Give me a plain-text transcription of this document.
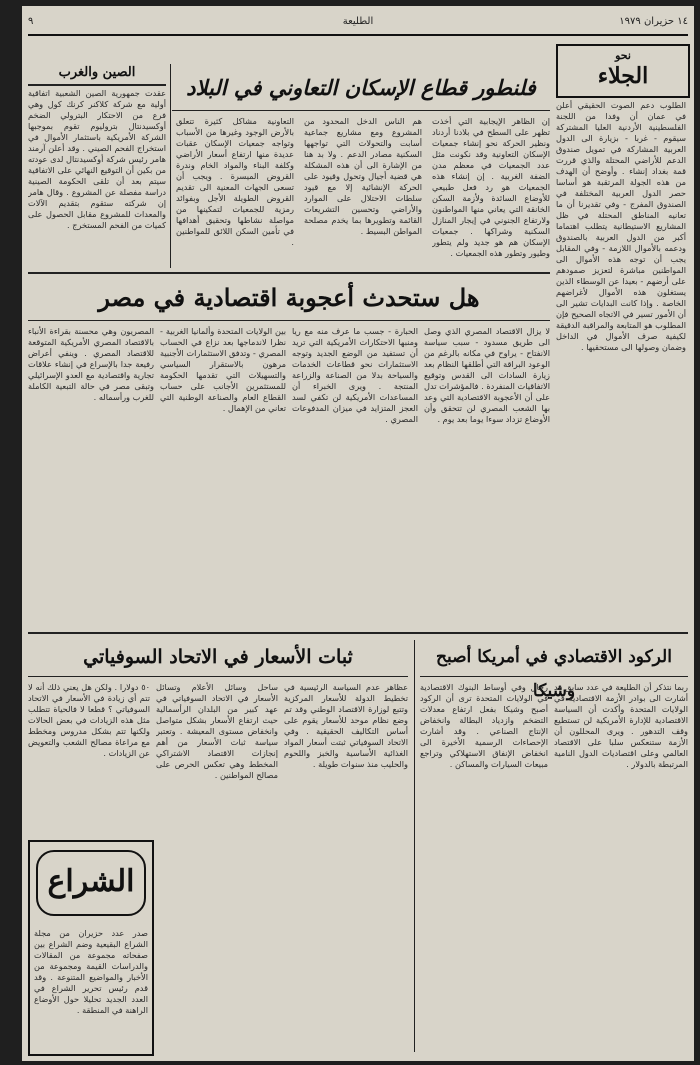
١٤ حزيران ١٩٧٩
الطليعة
٩
نحو
الجلاء
الطلوب دعم الصوت الحقيقي أعلن في عمان أن وفدا من اللجنة الفلسطينية الأردنية العليا المشتركة سيقوم - غربا - بزيارة الى الدول العربية المشاركة في تمويل صندوق الدعم للأراضي المحتلة والذي قررت قمة بغداد إنشاء . وأوضح أن الهدف من هذه الجولة المرتقبة هو أساسا حصر الدول العربية المختلفة في الصندوق المفرج - وفي تقديرنا أن ما تعانيه المناطق المحتلة في ظل المشاريع الاستيطانية يتطلب اهتماما أكبر من الدول العربية بالصندوق ودعمه بالأموال اللازمة - وفي المقابل يجب أن توجه هذه الأموال الى المواطنين مباشرة لتعزيز صمودهم على أرضهم - بعيدا عن الوسطاء الذين يستغلون هذه الأموال لأغراضهم الخاصة . وإذا كانت البدايات تشير الى أن الأمور تسير في الاتجاه الصحيح فإن المطلوب هو المتابعة والمراقبة الدقيقة لكيفية صرف الأموال في الداخل وضمان وصولها الى مستحقيها .
فلنطور قطاع الإسكان التعاوني في البلاد
إن الظاهر الإيجابية التي أخذت تظهر على السطح في بلادنا أردناد ونظير الحركة نحو إنشاء جمعيات الإسكان التعاونية وقد نكونت مثل عدد الجمعيات في معظم مدن الضفة الغربية . إن إنشاء هذه الجمعيات هو رد فعل طبيعي للأوضاع السائدة ولأزمة السكن الخانقة التي يعاني منها المواطنون ولارتفاع الجنوني في إيجار المنازل السكنية وشراكها . جمعيات الإسكان هم هو جديد ولم يتطور وطيور وتطور هذه الجمعيات .
هم الناس الدخل المحدود من المشروع ومع مشاريع جماعية أسابت والتحولات التي تواجهها السكنية مصادر الدعم . ولا بد هنا من الإشارة الى أن هذه المشكلة هي قضية أجيال وتحول وقيود على الحركة الإنشائية إلا مع قيود سلطات الاحتلال على الموارد والأراضي وتحسين التشريعات القائمة وتطويرها بما يخدم مصلحة المواطن البسيط .
التعاونية مشاكل كثيرة تتعلق بالأرض الوجود وغيرها من الأسباب وتواجه جمعيات الإسكان عقبات عديدة منها ارتفاع أسعار الأراضي وكلفة البناء والمواد الخام وندرة القروض الميسرة . ويجب أن تسعى الجهات المعنية الى تقديم القروض الطويلة الأجل وبفوائد رمزية للجمعيات لتمكينها من مواصلة نشاطها وتحقيق أهدافها في تأمين السكن اللائق للمواطنين .
الصين والغرب
عقدت جمهورية الصين الشعبية اتفاقية أولية مع شركة كلاكنر كرنك كول وهي فرع من الاحتكار البترولي الضخم أوكسيدنتال بتروليوم تقوم بموجبها الشركة الأمريكية باستثمار الأموال في استخراج الفحم الصيني . وقد أعلن آرمند هامر رئيس شركة أوكسيدنتال لدى عودته من بكين أن التوقيع النهائي على الاتفاقية سيتم بعد أن تلقى الحكومة الصينية دراسة مفصلة عن المشروع . وقال هامر إن شركته ستقوم بتقديم الآلات والمعدات للمشروع مقابل الحصول على كميات من الفحم المستخرج .
هل ستحدث أعجوبة اقتصادية في مصر
لا يزال الاقتصاد المصري الذي وصل الى طريق مسدود - سبب سياسة الانفتاح - يراوح في مكانه بالرغم من الوعود البراقة التي أطلقها النظام بعد زيارة السادات الى القدس وتوقيع الاتفاقيات المنفردة . فالمؤشرات تدل على أن الأعجوبة الاقتصادية التي وعد بها الشعب المصري لن تتحقق وأن الأوضاع تزداد سوءا يوما بعد يوم .
الحبارة - جسب ما عرف منه مع ريا ومنبها الاحتكارات الأمريكية التي تريد أن تستفيد من الوضع الجديد وتوجه الاستثمارات نحو قطاعات الخدمات والسياحة بدلا من الصناعة والزراعة المنتجة . ويرى الخبراء أن المساعدات الأمريكية لن تكفي لسد العجز المتزايد في ميزان المدفوعات المصري .
بين الولايات المتحدة وألمانيا الغربية - نظرا لاندماجها بعد نزاع في الحساب المصري - وتدفق الاستثمارات الأجنبية مرهون بالاستقرار السياسي والتسهيلات التي تقدمها الحكومة للمستثمرين الأجانب على حساب القطاع العام والصناعة الوطنية التي تعاني من الإهمال .
المصريون وهي محسنة بقراءة الأنباء بالاقتصاد المصري الأمريكية المتوقعة للاقتصاد المصري . وينفي أعراض رفيعة جدا بالإسراع في إنشاء علاقات تجارية واقتصادية مع العدو الإسرائيلي وتبقى مصر في حالة التبعية الكاملة للغرب ورأسماله .
ثبات الأسعار في الاتحاد السوفياتي
عظاهر عدم السياسة الرئيسية في تخطيط الدولة للأسعار المركزية وتتبع لوزارة الاقتصاد الوطني وقد تم وضع نظام موحد للأسعار يقوم على أساس التكاليف الحقيقية . وفي الاتحاد السوفياتي ثبتت أسعار المواد الغذائية الأساسية والخبز واللحوم والحليب منذ سنوات طويلة .
ساحل وسائل الأعلام وتسائل الأسعار في الاتحاد السوفياتي في عهد كبير من البلدان الرأسمالية حيث ارتفاع الأسعار بشكل متواصل وانخفاض مستوى المعيشة . وتعتبر سياسة ثبات الأسعار من أهم إنجازات الاقتصاد الاشتراكي المخطط وهي تعكس الحرص على مصالح المواطنين .
٥٠ دولارا . ولكن هل يعني ذلك أنه لا تتم أي زيادة في الأسعار في الاتحاد السوفياتي ؟ قطعا لا فالحياة تتطلب مثل هذه الزيادات في بعض الحالات ولكنها تتم بشكل مدروس ومخطط مع مراعاة مصالح الشعب والتعويض عن الزيادات .
الشراع
صدر عدد حزيران من مجلة الشراع البقيعية وضم الشراع بين صفحاته مجموعة من المقالات والدراسات القيمة ومجموعة من الأخبار والمواضيع المتنوعة . وقد قدم رئيس تحرير الشراع في العدد الجديد تحليلا حول الأوضاع الراهنة في المنطقة .
الركود الاقتصادي في أمريكا أصبح وشيكا
ربما نتذكر أن الطليعة في عدد سابق قد أشارت الى بوادر الأزمة الاقتصادية في الولايات المتحدة وأكدت أن السياسة الاقتصادية للإدارة الأمريكية لن تستطيع وقف التدهور . ويرى المحللون أن الأزمة ستنعكس سلبا على الاقتصاد العالمي وعلى اقتصاديات الدول النامية المرتبطة بالدولار .
رجال وفي أوساط البنوك الاقتصادية في الولايات المتحدة ترى أن الركود أصبح وشيكا بفعل ارتفاع معدلات التضخم وازدياد البطالة وانخفاض الإنتاج الصناعي . وقد أشارت الإحصاءات الرسمية الأخيرة الى انخفاض الإنفاق الاستهلاكي وتراجع مبيعات السيارات والمساكن .
